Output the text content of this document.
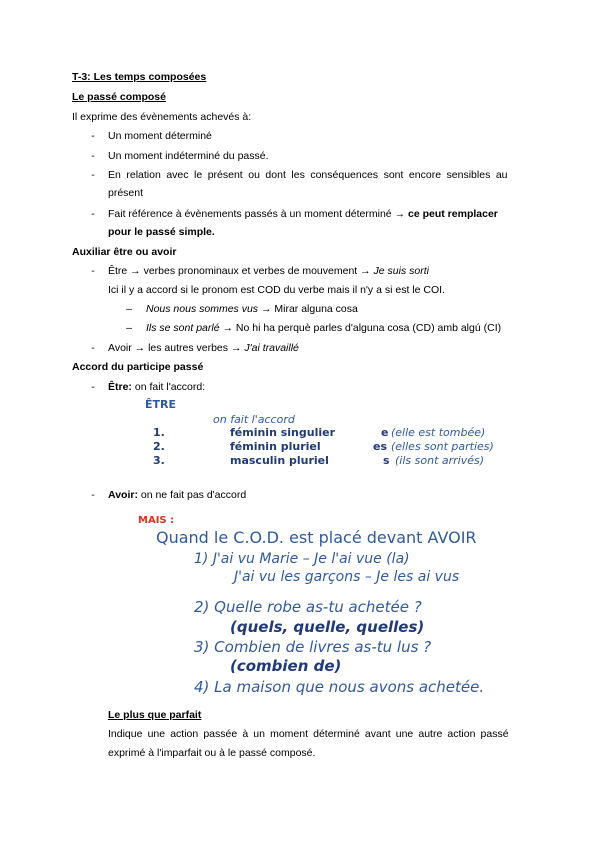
T-3: Les temps composées
Le passé composé
Il exprime des évènements achevés à:
-	Un moment déterminé
-	Un moment indéterminé du passé.
-	En relation avec le présent ou dont les conséquences sont encore sensibles au
présent
-	Fait référence à évènements passés à un moment déterminé → ce peut remplacer
pour le passé simple.
Auxiliar être ou avoir
-	Être → verbes pronominaux et verbes de mouvement → Je suis sorti
Ici il y a accord si le pronom est COD du verbe mais il n'y a si est le COI.
– Nous nous sommes vus → Mirar alguna cosa
– Ils se sont parlé → No hi ha perquè parles d'alguna cosa (CD) amb algú (CI)
-	Avoir → les autres verbes → J'ai travaillé
Accord du participe passé
-	Être: on fait l'accord:
ÊTRE
on fait l'accord
1.	féminin singulier	e (elle est tombée)
2.	féminin pluriel	es (elles sont parties)
3.	masculin pluriel	s (ils sont arrivés)
-	Avoir: on ne fait pas d'accord
MAIS :
Quand le C.O.D. est placé devant AVOIR
1) J'ai vu Marie – Je l'ai vue (la)
J'ai vu les garçons – Je les ai vus
2) Quelle robe as-tu achetée ?
(quels, quelle, quelles)
3) Combien de livres as-tu lus ?
(combien de)
4) La maison que nous avons achetée.
Le plus que parfait
Indique une action passée à un moment déterminé avant une autre action passé
exprimé à l'imparfait ou à le passé composé.
